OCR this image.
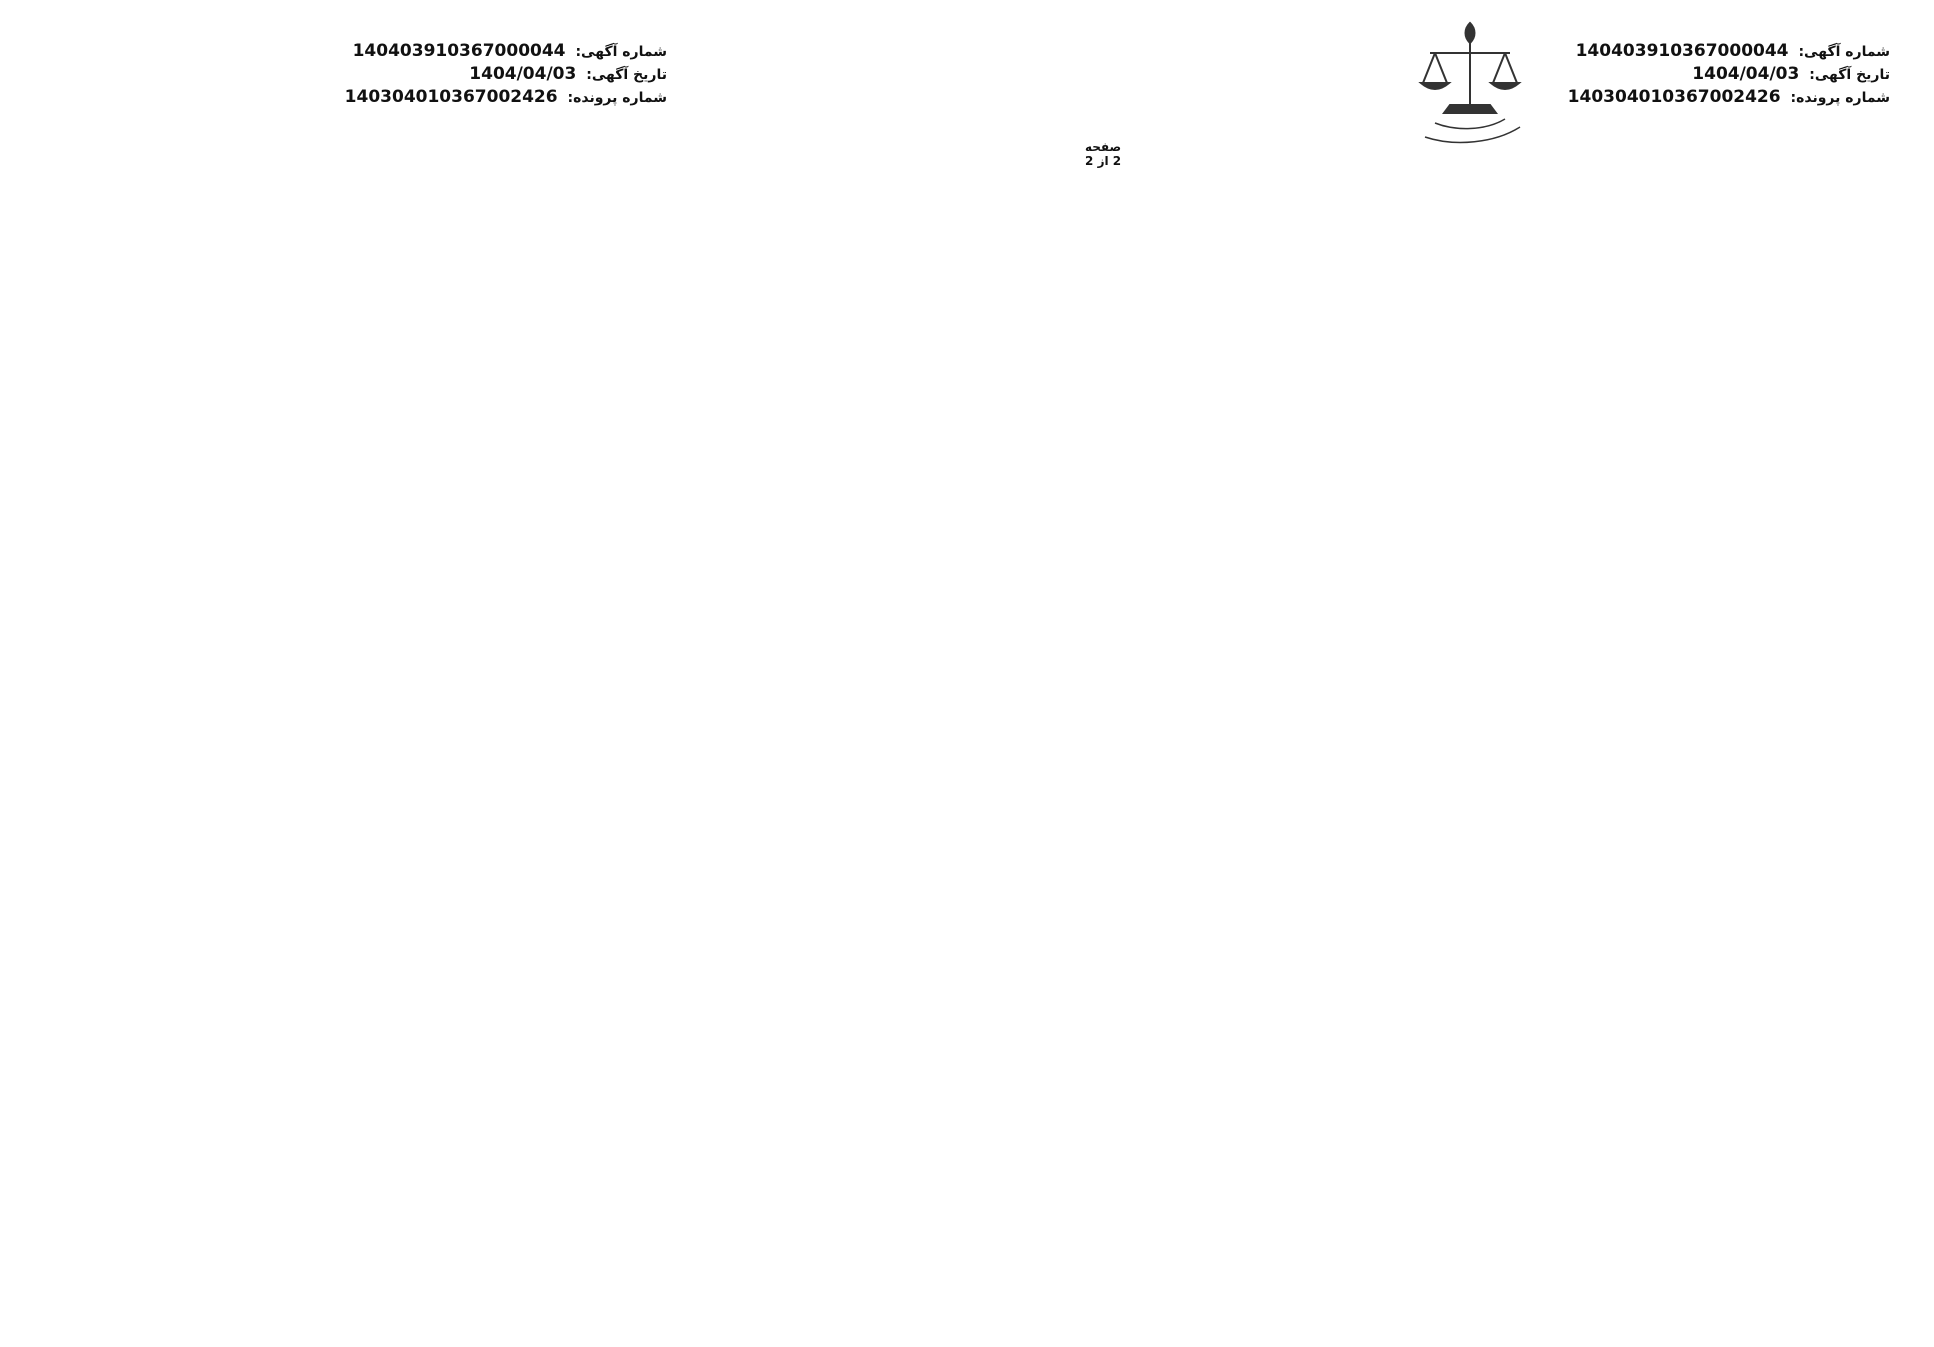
شماره آگهی: 140403910367000044
تاریخ آگهی: 1404/04/03
شماره پرونده: 140304010367002426
صفحه 2 از 2
شماره آگهی: 140403910367000044
تاریخ آگهی: 1404/04/03
شماره پرونده: 140304010367002426
